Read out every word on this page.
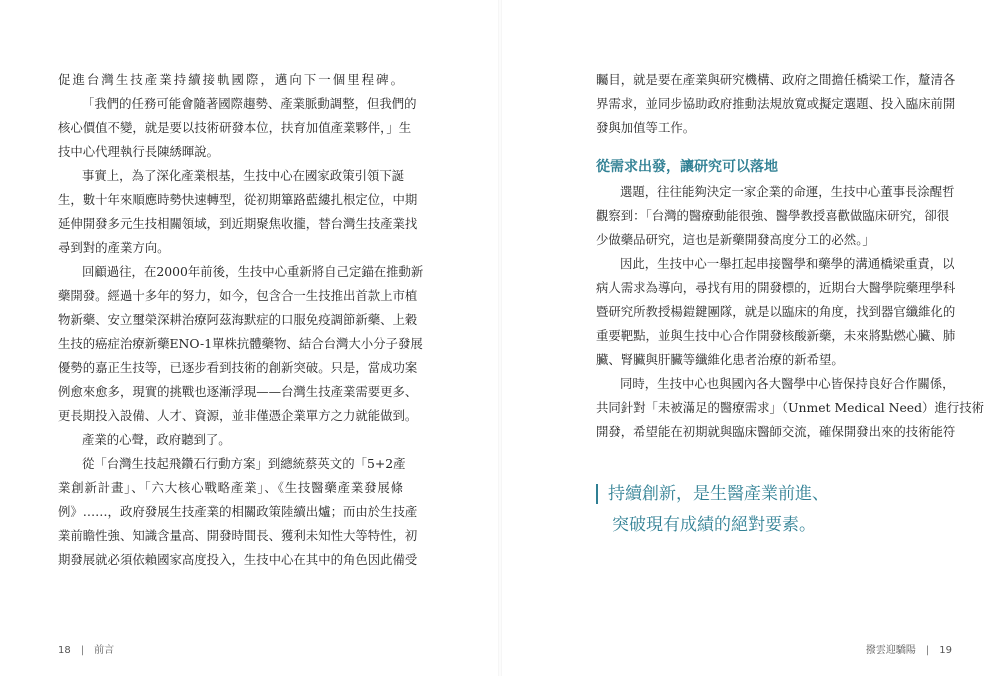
促進台灣生技產業持續接軌國際，邁向下一個里程碑。
「我們的任務可能會隨著國際趨勢、產業脈動調整，但我們的
核心價值不變，就是要以技術研發本位，扶育加值產業夥伴，」生
技中心代理執行長陳綉暉說。
事實上，為了深化產業根基，生技中心在國家政策引領下誕
生，數十年來順應時勢快速轉型，從初期篳路藍縷扎根定位，中期
延伸開發多元生技相關領域，到近期聚焦收攏，替台灣生技產業找
尋到對的產業方向。
回顧過往，在2000年前後，生技中心重新將自己定錨在推動新
藥開發。經過十多年的努力，如今，包含合一生技推出首款上市植
物新藥、安立璽榮深耕治療阿茲海默症的口服免疫調節新藥、上穀
生技的癌症治療新藥ENO-1單株抗體藥物、結合台灣大小分子發展
優勢的嘉正生技等，已逐步看到技術的創新突破。只是，當成功案
例愈來愈多，現實的挑戰也逐漸浮現——台灣生技產業需要更多、
更長期投入設備、人才、資源，並非僅憑企業單方之力就能做到。
產業的心聲，政府聽到了。
從「台灣生技起飛鑽石行動方案」到總統蔡英文的「5+2產
業創新計畫」、「六大核心戰略產業」、《生技醫藥產業發展條
例》……，政府發展生技產業的相關政策陸續出爐；而由於生技產
業前瞻性強、知識含量高、開發時間長、獲利未知性大等特性，初
期發展就必須依賴國家高度投入，生技中心在其中的角色因此備受
18 | 前言
矚目，就是要在產業與研究機構、政府之間擔任橋梁工作，釐清各
界需求，並同步協助政府推動法規放寬或擬定選題、投入臨床前開
發與加值等工作。
從需求出發，讓研究可以落地
選題，往往能夠決定一家企業的命運，生技中心董事長涂醒哲
觀察到：「台灣的醫療動能很強、醫學教授喜歡做臨床研究，卻很
少做藥品研究，這也是新藥開發高度分工的必然。」
因此，生技中心一舉扛起串接醫學和藥學的溝通橋梁重責，以
病人需求為導向，尋找有用的開發標的，近期台大醫學院藥理學科
暨研究所教授楊鎧鍵團隊，就是以臨床的角度，找到器官纖維化的
重要靶點，並與生技中心合作開發核酸新藥，未來將點燃心臟、肺
臟、腎臟與肝臟等纖維化患者治療的新希望。
同時，生技中心也與國內各大醫學中心皆保持良好合作關係，
共同針對「未被滿足的醫療需求」（Unmet Medical Need）進行技術
開發，希望能在初期就與臨床醫師交流，確保開發出來的技術能符
持續創新，是生醫產業前進、
突破現有成績的絕對要素。
撥雲迎驕陽 | 19
